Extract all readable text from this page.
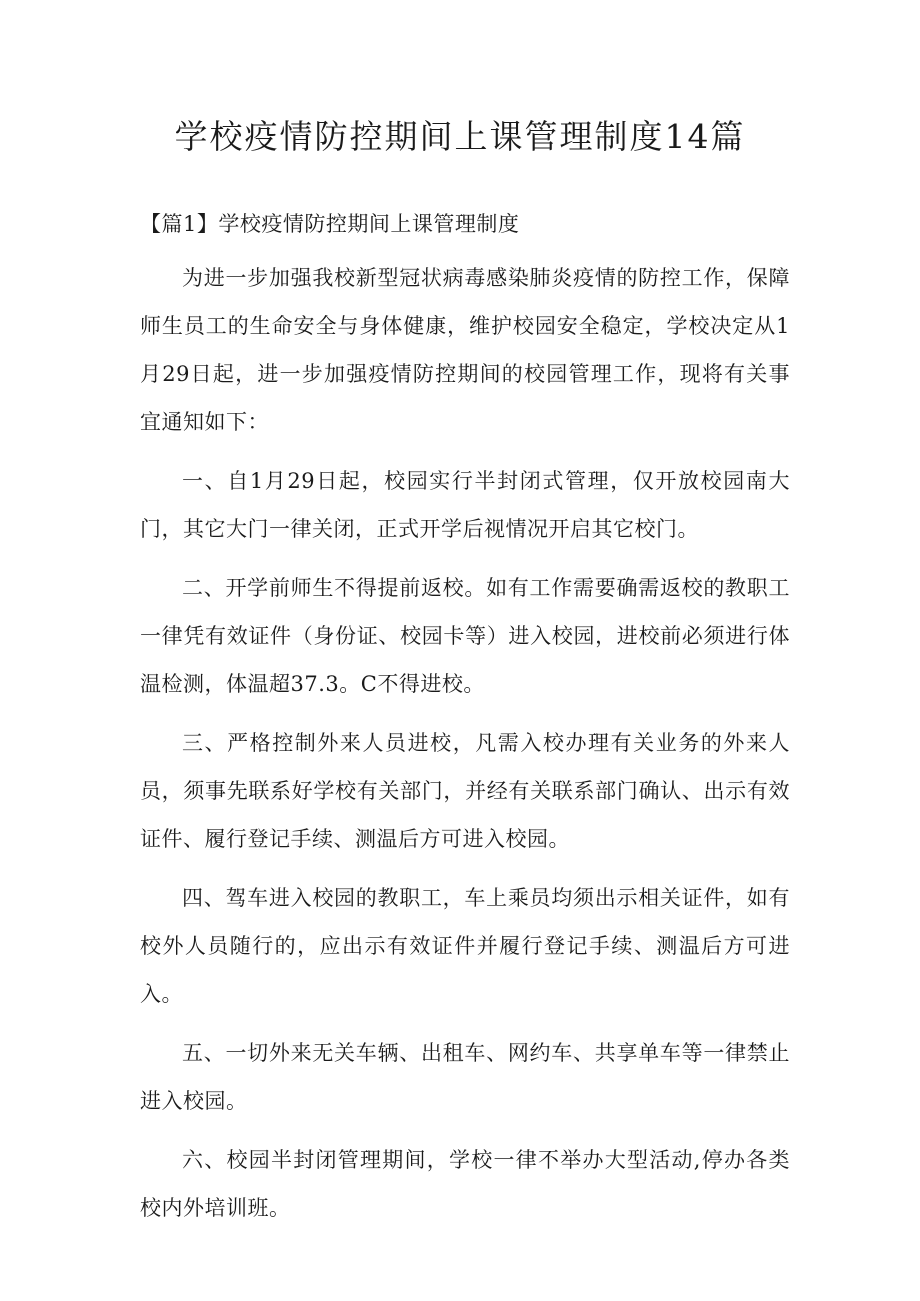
学校疫情防控期间上课管理制度14篇
【篇1】学校疫情防控期间上课管理制度

为进一步加强我校新型冠状病毒感染肺炎疫情的防控工作，保障师生员工的生命安全与身体健康，维护校园安全稳定，学校决定从1月29日起，进一步加强疫情防控期间的校园管理工作，现将有关事宜通知如下：

一、自1月29日起，校园实行半封闭式管理，仅开放校园南大门，其它大门一律关闭，正式开学后视情况开启其它校门。

二、开学前师生不得提前返校。如有工作需要确需返校的教职工一律凭有效证件（身份证、校园卡等）进入校园，进校前必须进行体温检测，体温超37.3。C不得进校。

三、严格控制外来人员进校，凡需入校办理有关业务的外来人员，须事先联系好学校有关部门，并经有关联系部门确认、出示有效证件、履行登记手续、测温后方可进入校园。

四、驾车进入校园的教职工，车上乘员均须出示相关证件，如有校外人员随行的，应出示有效证件并履行登记手续、测温后方可进入。

五、一切外来无关车辆、出租车、网约车、共享单车等一律禁止进入校园。

六、校园半封闭管理期间，学校一律不举办大型活动,停办各类校内外培训班。
